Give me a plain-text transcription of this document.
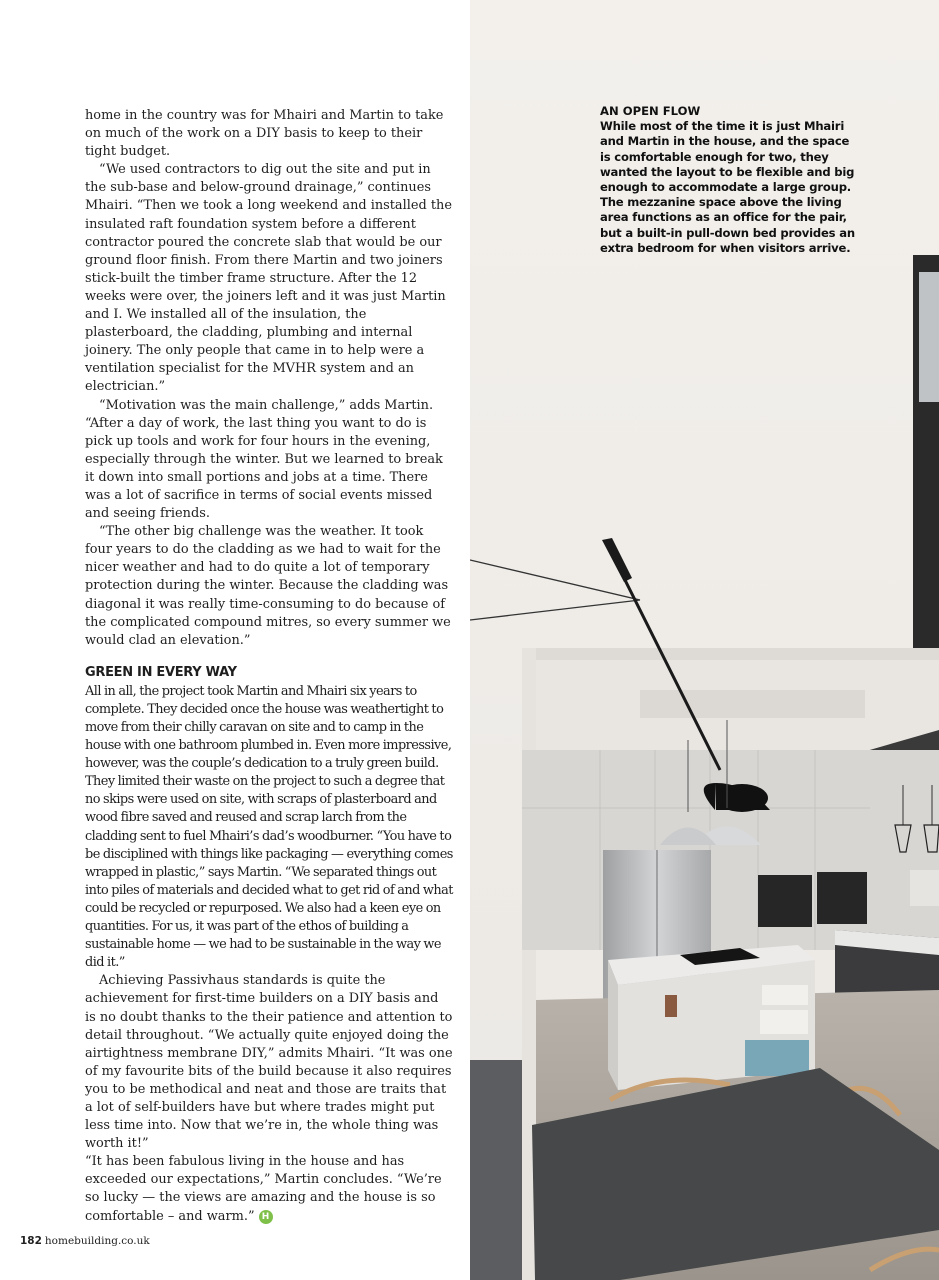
home in the country was for Mhairi and Martin to take on much of the work on a DIY basis to keep to their tight budget.

“We used contractors to dig out the site and put in the sub-base and below-ground drainage,” continues Mhairi. “Then we took a long weekend and installed the insulated raft foundation system before a different contractor poured the concrete slab that would be our ground floor finish. From there Martin and two joiners stick-built the timber frame structure. After the 12 weeks were over, the joiners left and it was just Martin and I. We installed all of the insulation, the plasterboard, the cladding, plumbing and internal joinery. The only people that came in to help were a ventilation specialist for the MVHR system and an electrician.”

“Motivation was the main challenge,” adds Martin. “After a day of work, the last thing you want to do is pick up tools and work for four hours in the evening, especially through the winter. But we learned to break it down into small portions and jobs at a time. There was a lot of sacrifice in terms of social events missed and seeing friends.

“The other big challenge was the weather. It took four years to do the cladding as we had to wait for the nicer weather and had to do quite a lot of temporary protection during the winter. Because the cladding was diagonal it was really time-consuming to do because of the complicated compound mitres, so every summer we would clad an elevation.”

GREEN IN EVERY WAY

All in all, the project took Martin and Mhairi six years to complete. They decided once the house was weathertight to move from their chilly caravan on site and to camp in the house with one bathroom plumbed in. Even more impressive, however, was the couple’s dedication to a truly green build. They limited their waste on the project to such a degree that no skips were used on site, with scraps of plasterboard and wood fibre saved and reused and scrap larch from the cladding sent to fuel Mhairi’s dad’s woodburner. “You have to be disciplined with things like packaging — everything comes wrapped in plastic,” says Martin. “We separated things out into piles of materials and decided what to get rid of and what could be recycled or repurposed. We also had a keen eye on quantities. For us, it was part of the ethos of building a sustainable home — we had to be sustainable in the way we did it.”

Achieving Passivhaus standards is quite the achievement for first-time builders on a DIY basis and is no doubt thanks to the their patience and attention to detail throughout. “We actually quite enjoyed doing the airtightness membrane DIY,” admits Mhairi. “It was one of my favourite bits of the build because it also requires you to be methodical and neat and those are traits that a lot of self-builders have but where trades might put less time into. Now that we’re in, the whole thing was worth it!”

“It has been fabulous living in the house and has exceeded our expectations,” Martin concludes. “We’re so lucky — the views are amazing and the house is so comfortable – and warm.” H

182 homebuilding.co.uk
AN OPEN FLOW
While most of the time it is just Mhairi and Martin in the house, and the space is comfortable enough for two, they wanted the layout to be flexible and big enough to accommodate a large group. The mezzanine space above the living area functions as an office for the pair, but a built-in pull-down bed provides an extra bedroom for when visitors arrive.
